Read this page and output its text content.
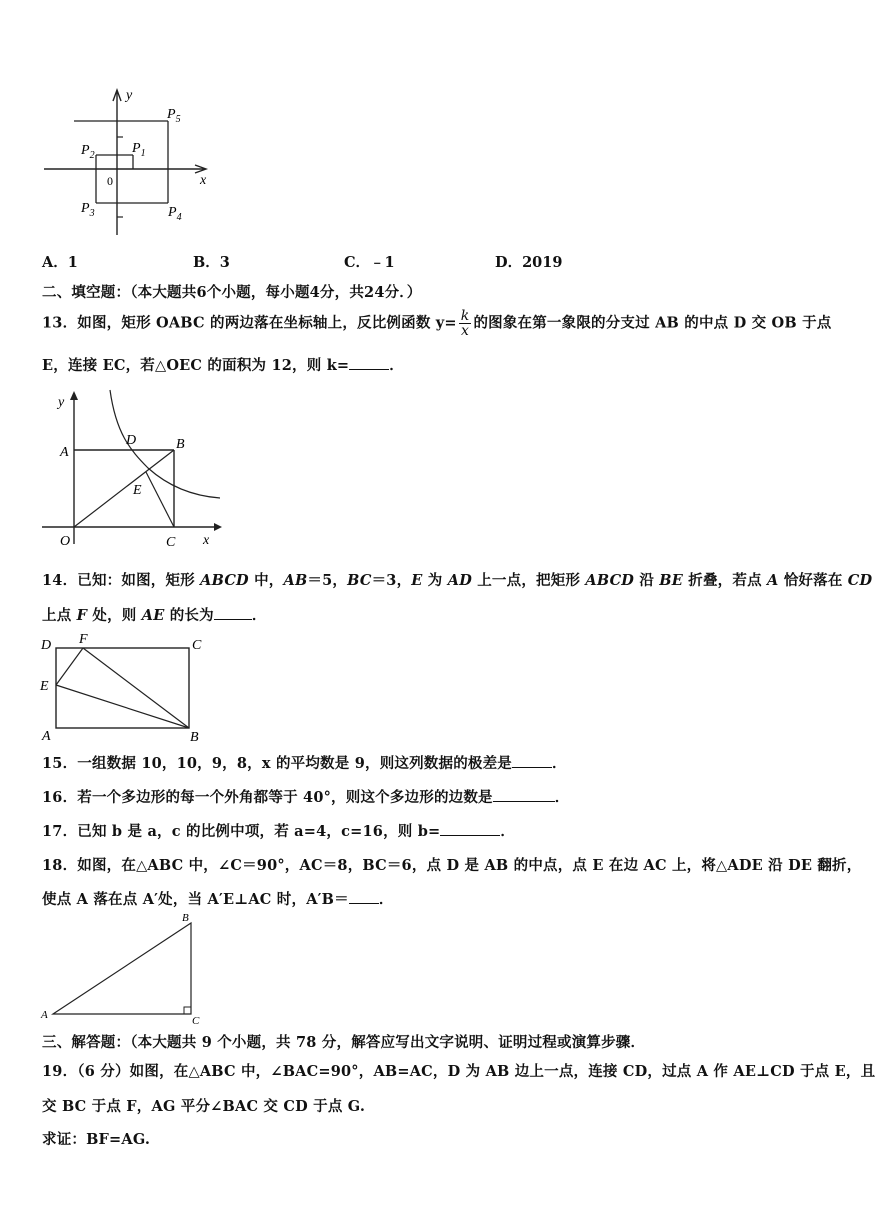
y
x
0
$P_5$
$P_1$
$P_2$
$P_3$	$P_4$
A．1	B．3	C．﹣1	D．2019
二、填空题：（本大题共6个小题，每小题4分，共24分．）
13．如图，矩形 OABC 的两边落在坐标轴上，反比例函数 $y= \frac{k}{x}$ 的图象在第一象限的分支过 AB 的中点 D 交 OB 于点
E，连接 EC，若△OEC 的面积为 12，则 k=	．
y
x
A
B
D
E
O	C
14．已知：如图，矩形 ABCD 中，AB＝5，BC＝3，E 为 AD 上一点，把矩形 ABCD 沿 BE 折叠，若点 A 恰好落在 CD
上点 F 处，则 AE 的长为	．
D F	C
E
A	B
15．一组数据 10，10，9，8，x 的平均数是 9，则这列数据的极差是	．
16．若一个多边形的每一个外角都等于 40°，则这个多边形的边数是	．
17．已知 b 是 a，c 的比例中项，若 a=4，c=16，则 b=	．
18．如图，在△ABC 中，∠C＝90°，AC＝8，BC＝6，点 D 是 AB 的中点，点 E 在边 AC 上，将△ADE 沿 DE 翻折，
使点 A 落在点 A′处，当 A′E⊥AC 时，A′B＝ ．
B
A	C
三、解答题：（本大题共 9 个小题，共 78 分，解答应写出文字说明、证明过程或演算步骤．
19．（6 分）如图，在△ABC 中，∠BAC=90°，AB=AC，D 为 AB 边上一点，连接 CD，过点 A 作 AE⊥CD 于点 E，且
交 BC 于点 F，AG 平分∠BAC 交 CD 于点 G.
求证：BF=AG.
